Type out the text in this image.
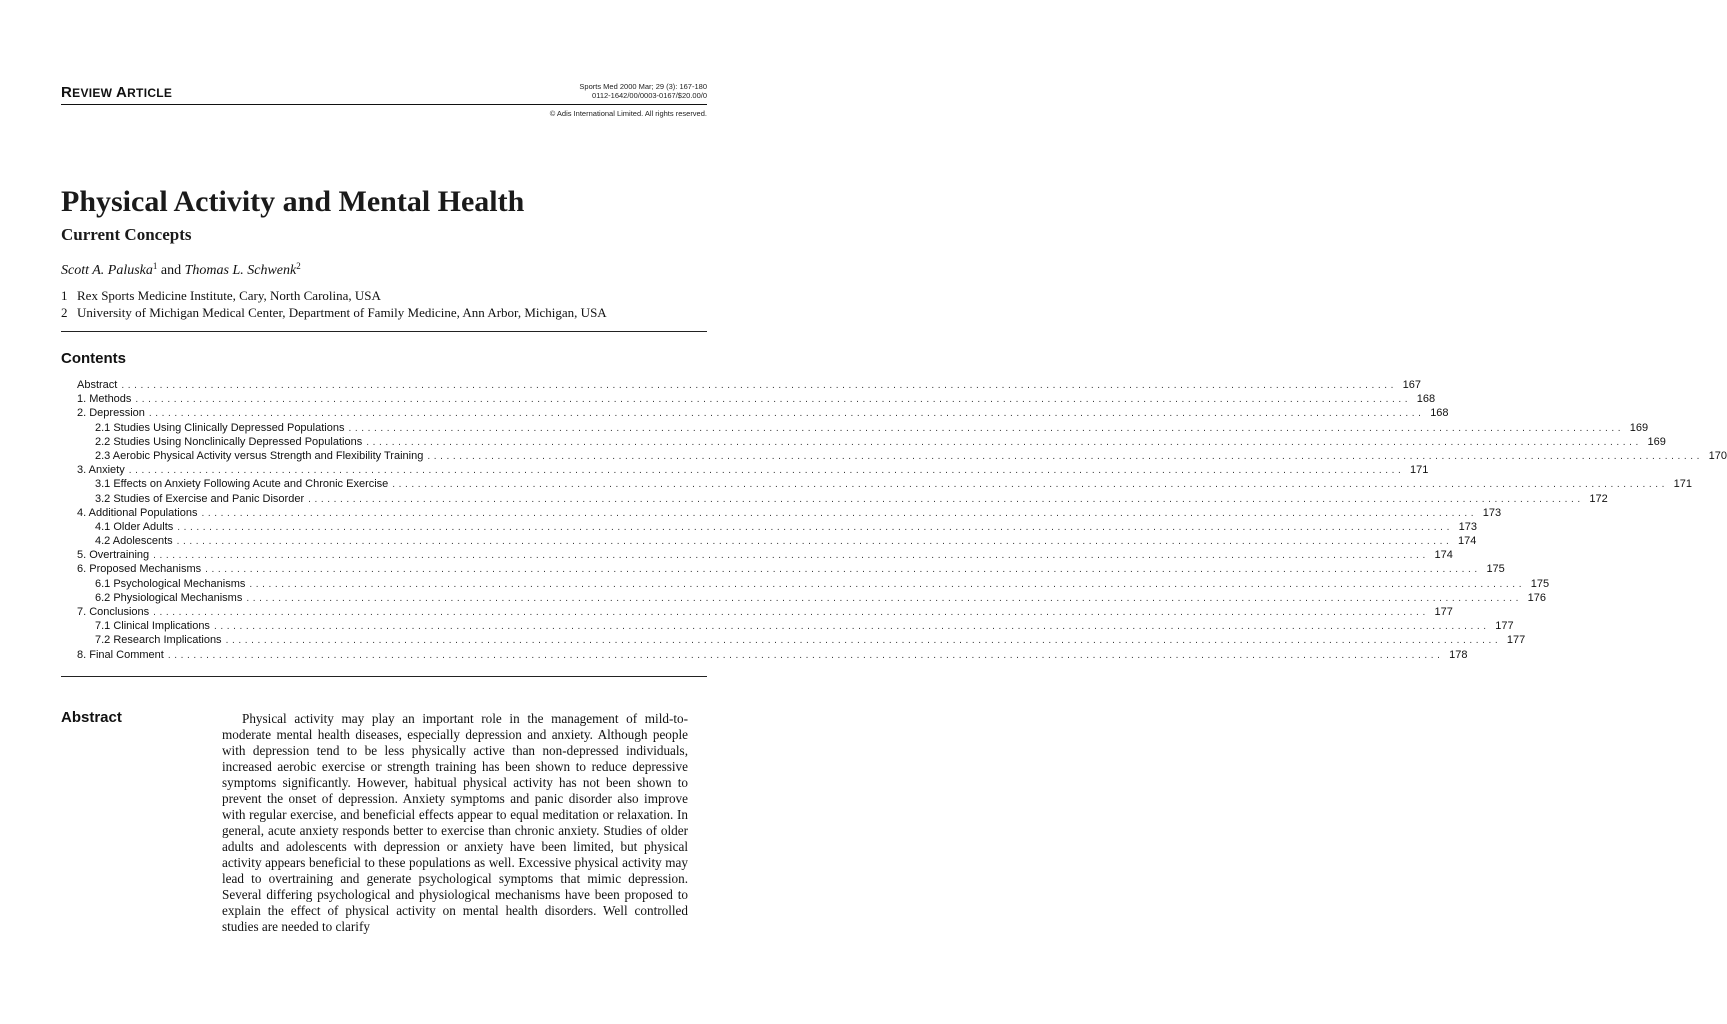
REVIEW ARTICLE	Sports Med 2000 Mar; 29 (3): 167-180
0112-1642/00/0003-0167/$20.00/0
© Adis International Limited. All rights reserved.
Physical Activity and Mental Health
Current Concepts
Scott A. Paluska$^1$ and Thomas L. Schwenk$^2$
1 Rex Sports Medicine Institute, Cary, North Carolina, USA
2 University of Michigan Medical Center, Department of Family Medicine, Ann Arbor, Michigan, USA
Contents
Abstract ........................................................................................................................................................................................................ 167
1. Methods ........................................................................................................................................................................................................ 168
2. Depression ........................................................................................................................................................................................................ 168
2.1 Studies Using Clinically Depressed Populations ........................................................................................................................................................................................................ 169
2.2 Studies Using Nonclinically Depressed Populations ........................................................................................................................................................................................................ 169
2.3 Aerobic Physical Activity versus Strength and Flexibility Training ........................................................................................................................................................................................................ 170
3. Anxiety ........................................................................................................................................................................................................ 171
3.1 Effects on Anxiety Following Acute and Chronic Exercise ........................................................................................................................................................................................................ 171
3.2 Studies of Exercise and Panic Disorder ........................................................................................................................................................................................................ 172
4. Additional Populations ........................................................................................................................................................................................................ 173
4.1 Older Adults ........................................................................................................................................................................................................ 173
4.2 Adolescents ........................................................................................................................................................................................................ 174
5. Overtraining ........................................................................................................................................................................................................ 174
6. Proposed Mechanisms ........................................................................................................................................................................................................ 175
6.1 Psychological Mechanisms ........................................................................................................................................................................................................ 175
6.2 Physiological Mechanisms ........................................................................................................................................................................................................ 176
7. Conclusions ........................................................................................................................................................................................................ 177
7.1 Clinical Implications ........................................................................................................................................................................................................ 177
7.2 Research Implications ........................................................................................................................................................................................................ 177
8. Final Comment ........................................................................................................................................................................................................ 178
Abstract	Physical activity may play an important role in the management of mild-to-moderate mental health diseases, especially depression and anxiety. Although people with depression tend to be less physically active than non-depressed individuals, increased aerobic exercise or strength training has been shown to reduce depressive symptoms significantly. However, habitual physical activity has not been shown to prevent the onset of depression. Anxiety symptoms and panic disorder also improve with regular exercise, and beneficial effects appear to equal meditation or relaxation. In general, acute anxiety responds better to exercise than chronic anxiety. Studies of older adults and adolescents with depression or anxiety have been limited, but physical activity appears beneficial to these populations as well. Excessive physical activity may lead to overtraining and generate psychological symptoms that mimic depression. Several differing psychological and physiological mechanisms have been proposed to explain the effect of physical activity on mental health disorders. Well controlled studies are needed to clarify
